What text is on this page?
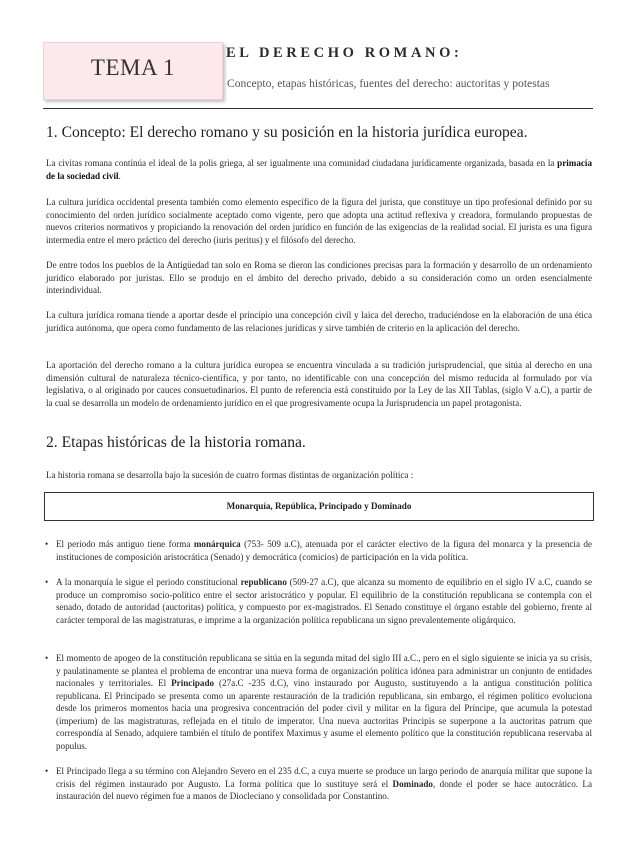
TEMA 1
EL DERECHO ROMANO:
Concepto, etapas históricas, fuentes del derecho: auctoritas y potestas
1. Concepto: El derecho romano y su posición en la historia jurídica europea.

La civitas romana continúa el ideal de la polis griega, al ser igualmente una comunidad ciudadana jurídicamente organizada, basada en la primacía de la sociedad civil.

La cultura jurídica occidental presenta también como elemento específico de la figura del jurista, que constituye un tipo profesional definido por su conocimiento del orden jurídico socialmente aceptado como vigente, pero que adopta una actitud reflexiva y creadora, formulando propuestas de nuevos criterios normativos y propiciando la renovación del orden jurídico en función de las exigencias de la realidad social. El jurista es una figura intermedia entre el mero práctico del derecho (iuris peritus) y el filósofo del derecho.

De entre todos los pueblos de la Antigüedad tan solo en Roma se dieron las condiciones precisas para la formación y desarrollo de un ordenamiento jurídico elaborado por juristas. Ello se produjo en el ámbito del derecho privado, debido a su consideración como un orden esencialmente interindividual.

La cultura jurídica romana tiende a aportar desde el principio una concepción civil y laica del derecho, traduciéndose en la elaboración de una ética jurídica autónoma, que opera como fundamento de las relaciones jurídicas y sirve también de criterio en la aplicación del derecho.

La aportación del derecho romano a la cultura jurídica europea se encuentra vinculada a su tradición jurisprudencial, que sitúa al derecho en una dimensión cultural de naturaleza técnico-científica, y por tanto, no identificable con una concepción del mismo reducida al formulado por vía legislativa, o al originado por cauces consuetudinarios. El punto de referencia está constituido por la Ley de las XII Tablas, (siglo V a.C), a partir de la cual se desarrolla un modelo de ordenamiento jurídico en el que progresivamente ocupa la Jurisprudencia un papel protagonista.

2. Etapas históricas de la historia romana.

La historia romana se desarrolla bajo la sucesión de cuatro formas distintas de organización política :

Monarquía, República, Principado y Dominado
• El periodo más antiguo tiene forma monárquica (753- 509 a.C), atenuada por el carácter electivo de la figura del monarca y la presencia de instituciones de composición aristocrática (Senado) y democrática (comicios) de participación en la vida política.

• A la monarquía le sigue el periodo constitucional republicano (509-27 a.C), que alcanza su momento de equilibrio en el siglo IV a.C, cuando se produce un compromiso socio-político entre el sector aristocrático y popular. El equilibrio de la constitución republicana se contempla con el senado, dotado de autoridad (auctoritas) política, y compuesto por ex-magistrados. El Senado constituye el órgano estable del gobierno, frente al carácter temporal de las magistraturas, e imprime a la organización política republicana un signo prevalentemente oligárquico.

• El momento de apogeo de la constitución republicana se sitúa en la segunda mitad del siglo III a.C., pero en el siglo siguiente se inicia ya su crisis, y paulatinamente se plantea el problema de encontrar una nueva forma de organización política idónea para administrar un conjunto de entidades nacionales y territoriales. El Principado (27a.C -235 d.C), vino instaurado por Augusto, sustituyendo a la antigua constitución política republicana. El Principado se presenta como un aparente restauración de la tradición republicana, sin embargo, el régimen político evoluciona desde los primeros momentos hacia una progresiva concentración del poder civil y militar en la figura del Príncipe, que acumula la potestad (imperium) de las magistraturas, reflejada en el título de imperator. Una nueva auctoritas Principis se superpone a la auctoritas patrum que correspondía al Senado, adquiere también el título de pontifex Maximus y asume el elemento político que la constitución republicana reservaba al populus.

• El Principado llega a su término con Alejandro Severo en el 235 d.C, a cuya muerte se produce un largo periodo de anarquía militar que supone la crisis del régimen instaurado por Augusto. La forma política que lo sustituye será el Dominado, donde el poder se hace autocrático. La instauración del nuevo régimen fue a manos de Diocleciano y consolidada por Constantino.
